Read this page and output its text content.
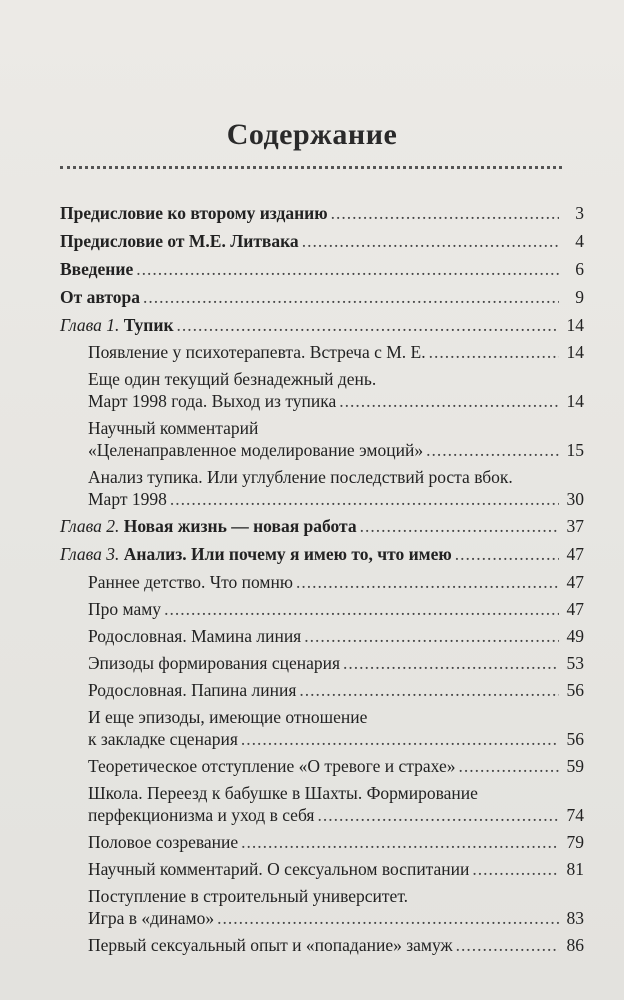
Содержание
Предисловие ко второму изданию .....	3
Предисловие от М.Е. Литвака .....	4
Введение .....	6
От автора .....	9
Глава 1. Тупик .....	14
Появление у психотерапевта. Встреча с М. Е. .....	14
Еще один текущий безнадежный день.
Март 1998 года. Выход из тупика .....	14
Научный комментарий
«Целенаправленное моделирование эмоций» .....	15
Анализ тупика. Или углубление последствий роста вбок.
Март 1998 .....	30
Глава 2. Новая жизнь — новая работа .....	37
Глава 3. Анализ. Или почему я имею то, что имею .....	47
Раннее детство. Что помню .....	47
Про маму .....	47
Родословная. Мамина линия .....	49
Эпизоды формирования сценария .....	53
Родословная. Папина линия .....	56
И еще эпизоды, имеющие отношение
к закладке сценария .....	56
Теоретическое отступление «О тревоге и страхе» .....	59
Школа. Переезд к бабушке в Шахты. Формирование
перфекционизма и уход в себя .....	74
Половое созревание .....	79
Научный комментарий. О сексуальном воспитании .....	81
Поступление в строительный университет.
Игра в «динамо» .....	83
Первый сексуальный опыт и «попадание» замуж .....	86
